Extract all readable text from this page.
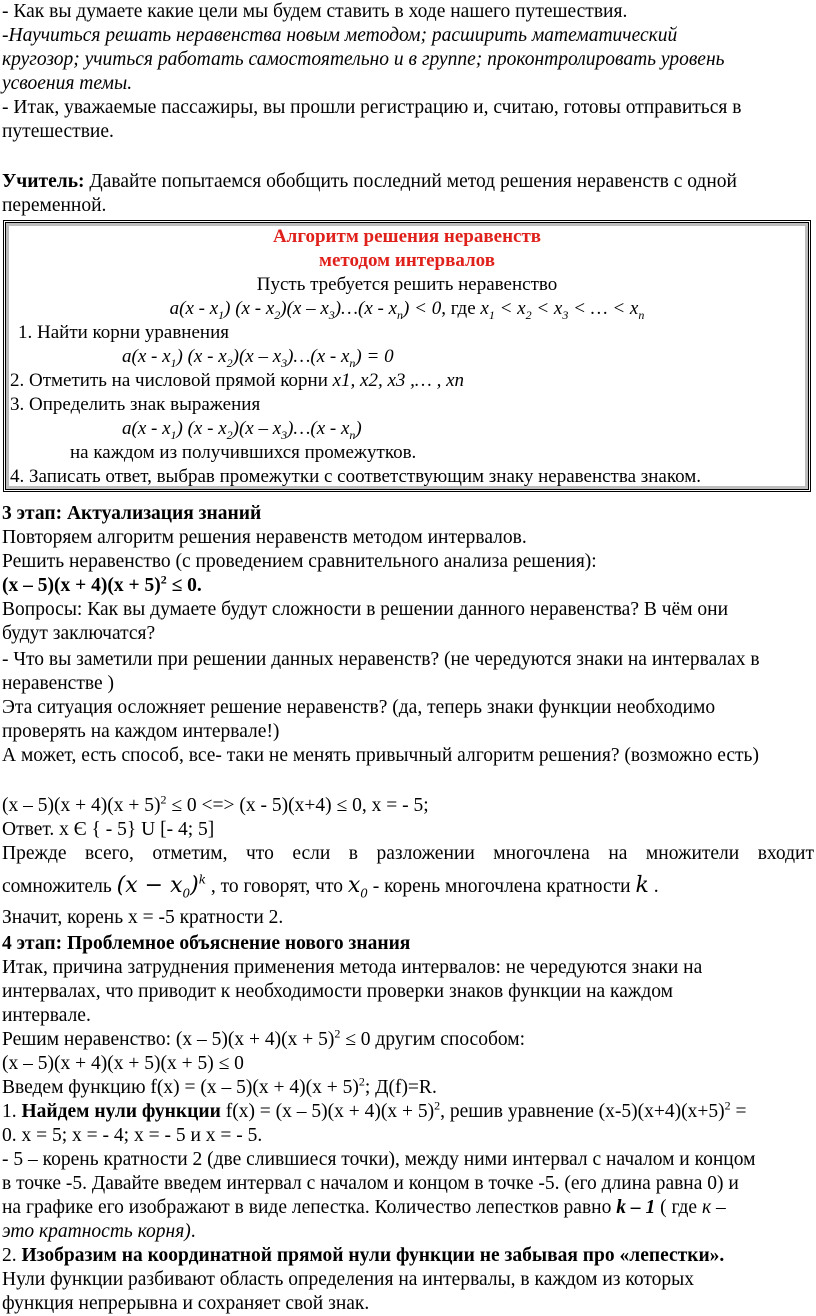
- Как вы думаете какие цели мы будем ставить в ходе нашего путешествия.
-Научиться решать неравенства новым методом; расширить математический
кругозор; учиться работать самостоятельно и в группе; проконтролировать уровень
усвоения темы.
- Итак, уважаемые пассажиры, вы прошли регистрацию и, считаю, готовы отправиться в
путешествие.
Учитель: Давайте попытаемся обобщить последний метод решения неравенств с одной
переменной.
Алгоритм решения неравенств
методом интервалов
Пусть требуется решить неравенство
$a(x - x_1)$ $(x - x_2)(x$ – $x_3)\dots(x - x_n) < 0$, где $x_1 < x_2 < x_3$ < … < $x_n$
1. Найти корни уравнения
$a(x - x_1)$ $(x - x_2)(x$ – $x_3)\dots(x - x_n) = 0$
2. Отметить на числовой прямой корни x1, x2, x3 ,… , xn
3. Определить знак выражения
$a(x - x_1)$ $(x - x_2)(x$ – $x_3)\dots(x - x_n)$
на каждом из получившихся промежутков.
4. Записать ответ, выбрав промежутки с соответствующим знаку неравенства знаком.
3 этап: Актуализация знаний
Повторяем алгоритм решения неравенств методом интервалов.
Решить неравенство (с проведением сравнительного анализа решения):
$(x - 5)(x + 4)(x + 5)^2 \le 0$.
Вопросы: Как вы думаете будут сложности в решении данного неравенства? В чём они
будут заключатся?
- Что вы заметили при решении данных неравенств? (не чередуются знаки на интервалах в
неравенстве )
Эта ситуация осложняет решение неравенств? (да, теперь знаки функции необходимо
проверять на каждом интервале!)
А может, есть способ, все- таки не менять привычный алгоритм решения? (возможно есть)
$(x - 5)(x + 4)(x + 5)^2 \le 0$ <=> (x - 5)(x+4) ≤ 0, x = - 5;
Ответ. x Є { - 5} U [- 4; 5]
Прежде всего, отметим, что если в разложении многочлена на множители входит
сомножитель $(x - x_0)^k$ , то говорят, что $x_0$ - корень многочлена кратности k .
Значит, корень x = -5 кратности 2.
4 этап: Проблемное объяснение нового знания
Итак, причина затруднения применения метода интервалов: не чередуются знаки на
интервалах, что приводит к необходимости проверки знаков функции на каждом
интервале.
Решим неравенство: $(x - 5)(x + 4)(x + 5)^2 \le 0$ другим способом:
(x – 5)(x + 4)(x + 5)(x + 5) ≤ 0
Введем функцию $f(x) = (x - 5)(x + 4)(x + 5)^2$; Д(f)=R.
1. Найдем нули функции $f(x) = (x - 5)(x + 4)(x + 5)^2$, решив уравнение $(x-5)(x+4)(x+5)^2$ =
0. x = 5; x = - 4; x = - 5 и x = - 5.
- 5 – корень кратности 2 (две слившиеся точки), между ними интервал с началом и концом
в точке -5. Давайте введем интервал с началом и концом в точке -5. (его длина равна 0) и
на графике его изображают в виде лепестка. Количество лепестков равно k – 1 ( где к –
это кратность корня).
2. Изобразим на координатной прямой нули функции не забывая про «лепестки».
Нули функции разбивают область определения на интервалы, в каждом из которых
функция непрерывна и сохраняет свой знак.
